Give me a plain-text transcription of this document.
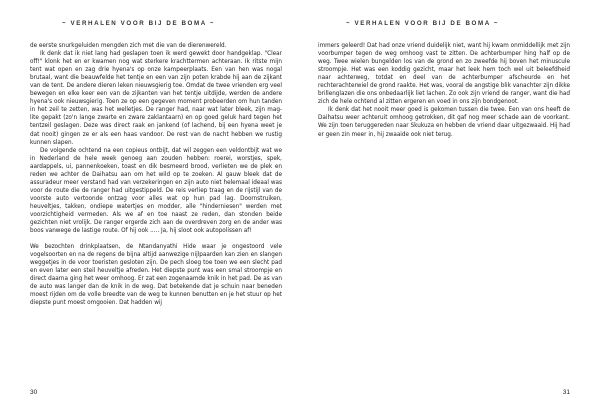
~ VERHALEN VOOR BIJ DE BOMA ~

de eerste snurkgeluiden mengden zich met die van de dierenwereld.

Ik denk dat ik niet lang had geslapen toen ik werd gewekt door handgeklap. "Clear off!" klonk het en er kwamen nog wat sterkere krachttermen achteraan. Ik ritste mijn tent wat open en zag drie hyena's op onze kampeerplaats. Een van hen was nogal brutaal, want die beauwfelde het tentje en een van zijn poten krabde hij aan de zijkant van de tent. De andere dieren leken nieuwsgierig toe. Omdat de twee vrienden erg veel bewegen en elke keer een van de zijkanten van het tentje uitdijde, werden de andere hyena's ook nieuwsgierig. Toen ze op een gegeven moment probeerden om hun tanden in het zeil te zetten, was het welletjes. De ranger had, naar wat later bleek, zijn mag-lite gepakt (zo'n lange zwarte en zware zaklantaarn) en op goed geluk hard tegen het tentzeil geslagen. Deze was direct raak en jankend (of lachend, bij een hyena weet je dat nooit) gingen ze er als een haas vandoor. De rest van de nacht hebben we rustig kunnen slapen.

De volgende ochtend na een copieus ontbijt, dat wil zeggen een veldontbijt wat we in Nederland de hele week genoeg aan zouden hebben: roerei, worstjes, spek, aardappels, ui, pannenkoeken, toast en dik besmeerd brood, verlieten we de plek en reden we achter de Daihatsu aan om het wild op te zoeken. Al gauw bleek dat de assuradeur meer verstand had van verzekeringen en zijn auto niet helemaal ideaal was voor de route die de ranger had uitgestippeld. De reis verliep traag en de rijstijl van de voorste auto vertoonde ontzag voor alles wat op hun pad lag. Doornstruiken, heuveltjes, takken, ondiepe watertjes en modder, alle "hinderniesen" werden met voorzichtigheid vermeden. Als we af en toe naast ze reden, dan stonden beide gezichten niet vrolijk. De ranger ergerde zich aan de overdreven zorg en de ander was boos vanwege de lastige route. Of hij ook ..... Ja, hij sloot ook autopolissen af!

We bezochten drinkplaatsen, de Ntandanyathi Hide waar je ongestoord vele vogelsoorten en na de regens de bijna altijd aanwezige nijlpaarden kan zien en slangen weggetjes in de voor toeristen gesloten zijn. De pech sloeg toe toen we een slecht pad en even later een steil heuveltje afreden. Het diepste punt was een smal stroompje en direct daarna ging het weer omhoog. Er zat een zogenaamde knik in het pad. De as van de auto was langer dan de knik in de weg. Dat betekende dat je schuin naar beneden moest rijden om de volle breedte van de weg te kunnen benutten en je het stuur op het diepste punt moest omgooien. Dat hadden wij

30
~ VERHALEN VOOR BIJ DE BOMA ~

immers geleerd! Dat had onze vriend duidelijk niet, want hij kwam onmiddellijk met zijn voorbumper tegen de weg omhoog vast te zitten. De achterbumper hing half op de weg. Twee wielen bungelden los van de grond en zo zweefde hij boven het minuscule stroompje. Het was een koddig gezicht, maar het leek hem toch wel uit beleefdheid naar achterweg, totdat en deel van de achterbumper afscheurde en het rechterachterwiel de grond raakte. Het was, vooral de angstige blik vanachter zijn dikke brillenglazen die ons onbedaarlijk liet lachen. Zo ook zijn vriend de ranger, want die had zich de hele ochtend al zitten ergeren en voed in ons zijn bondgenoot.

Ik denk dat het nooit meer goed is gekomen tussen die twee. Een van ons heeft de Daihatsu weer achteruit omhoog getrokken, dit gaf nog meer schade aan de voorkant. We zijn toen teruggereden naar Skukuza en hebben de vriend daar uitgezwaaid. Hij had er geen zin meer in, hij zwaaide ook niet terug.

31
